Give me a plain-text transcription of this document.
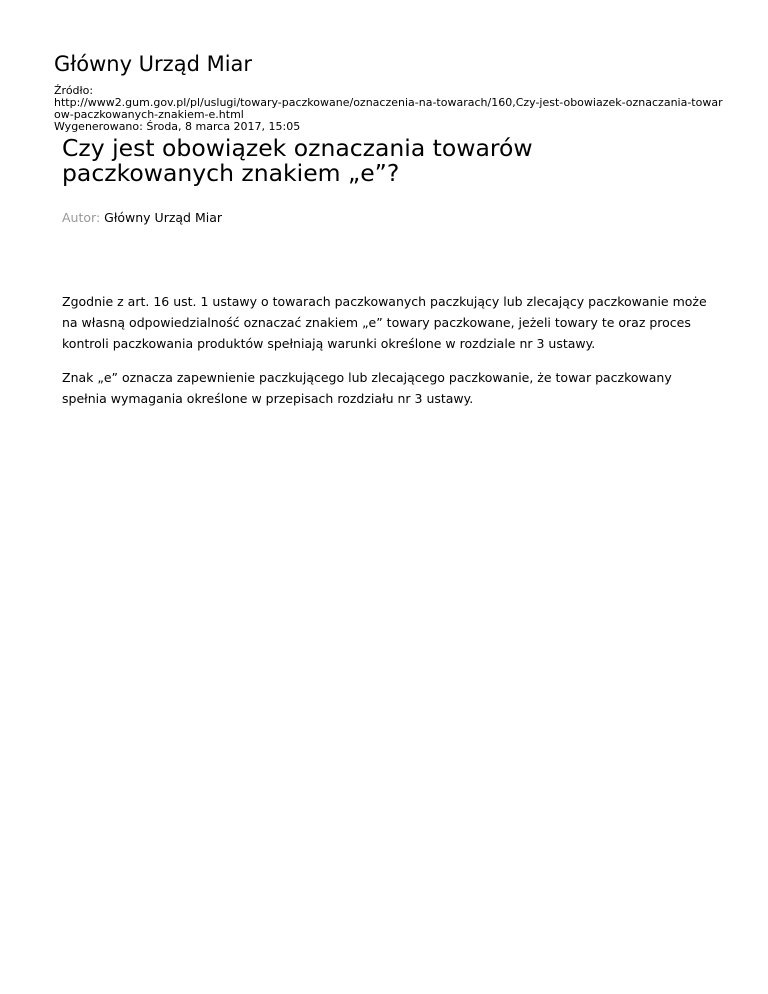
Główny Urząd Miar
Źródło:
http://www2.gum.gov.pl/pl/uslugi/towary-paczkowane/oznaczenia-na-towarach/160,Czy-jest-obowiazek-oznaczania-towarow-paczkowanych-znakiem-e.html
Wygenerowano: Środa, 8 marca 2017, 15:05
Czy jest obowiązek oznaczania towarów paczkowanych znakiem „e”?
Autor: Główny Urząd Miar

Zgodnie z art. 16 ust. 1 ustawy o towarach paczkowanych paczkujący lub zlecający paczkowanie może na własną odpowiedzialność oznaczać znakiem „e” towary paczkowane, jeżeli towary te oraz proces kontroli paczkowania produktów spełniają warunki określone w rozdziale nr 3 ustawy.

Znak „e” oznacza zapewnienie paczkującego lub zlecającego paczkowanie, że towar paczkowany spełnia wymagania określone w przepisach rozdziału nr 3 ustawy.
